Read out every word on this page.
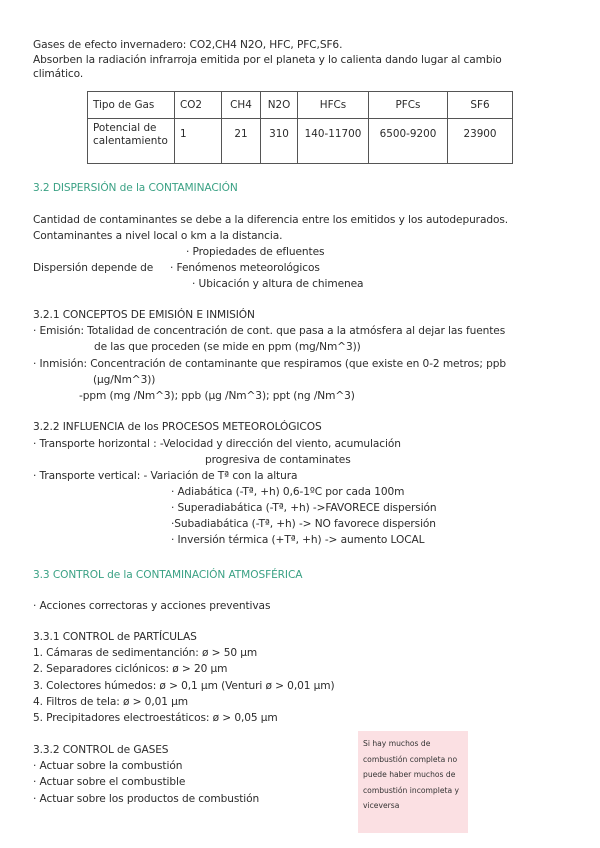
Gases de efecto invernadero: CO2,CH4 N2O, HFC, PFC,SF6.
Absorben la radiación infrarroja emitida por el planeta y lo calienta dando lugar al cambio
climático.
Tipo de Gas	CO2	CH4	N2O	HFCs	PFCs	SF6

Potencial de
calentamiento	1	21	310	140-11700	6500-9200	23900
3.2 DISPERSIÓN de la CONTAMINACIÓN
Cantidad de contaminantes se debe a la diferencia entre los emitidos y los autodepurados.
Contaminantes a nivel local o km a la distancia.
· Propiedades de efluentes
Dispersión depende de · Fenómenos meteorológicos
· Ubicación y altura de chimenea
3.2.1 CONCEPTOS DE EMISIÓN E INMISIÓN
· Emisión: Totalidad de concentración de cont. que pasa a la atmósfera al dejar las fuentes
de las que proceden (se mide en ppm (mg/Nm^3))
· Inmisión: Concentración de contaminante que respiramos (que existe en 0-2 metros; ppb
(µg/Nm^3))
-ppm (mg /Nm^3); ppb (µg /Nm^3); ppt (ng /Nm^3)
3.2.2 INFLUENCIA de los PROCESOS METEOROLÓGICOS
· Transporte horizontal : -Velocidad y dirección del viento, acumulación
progresiva de contaminates
· Transporte vertical: - Variación de Tª con la altura
· Adiabática (-Tª, +h) 0,6-1ºC por cada 100m
· Superadiabática (-Tª, +h) ->FAVORECE dispersión
·Subadiabática (-Tª, +h) -> NO favorece dispersión
· Inversión térmica (+Tª, +h) -> aumento LOCAL
3.3 CONTROL de la CONTAMINACIÓN ATMOSFÉRICA
· Acciones correctoras y acciones preventivas
3.3.1 CONTROL de PARTÍCULAS
1. Cámaras de sedimentanción: ø > 50 µm
2. Separadores ciclónicos: ø > 20 µm
3. Colectores húmedos: ø > 0,1 µm (Venturi ø > 0,01 µm)
4. Filtros de tela: ø > 0,01 µm
5. Precipitadores electroestáticos: ø > 0,05 µm
3.3.2 CONTROL de GASES
· Actuar sobre la combustión
· Actuar sobre el combustible
· Actuar sobre los productos de combustión
Si hay muchos de
combustión completa no
puede haber muchos de
combustión incompleta y
viceversa
